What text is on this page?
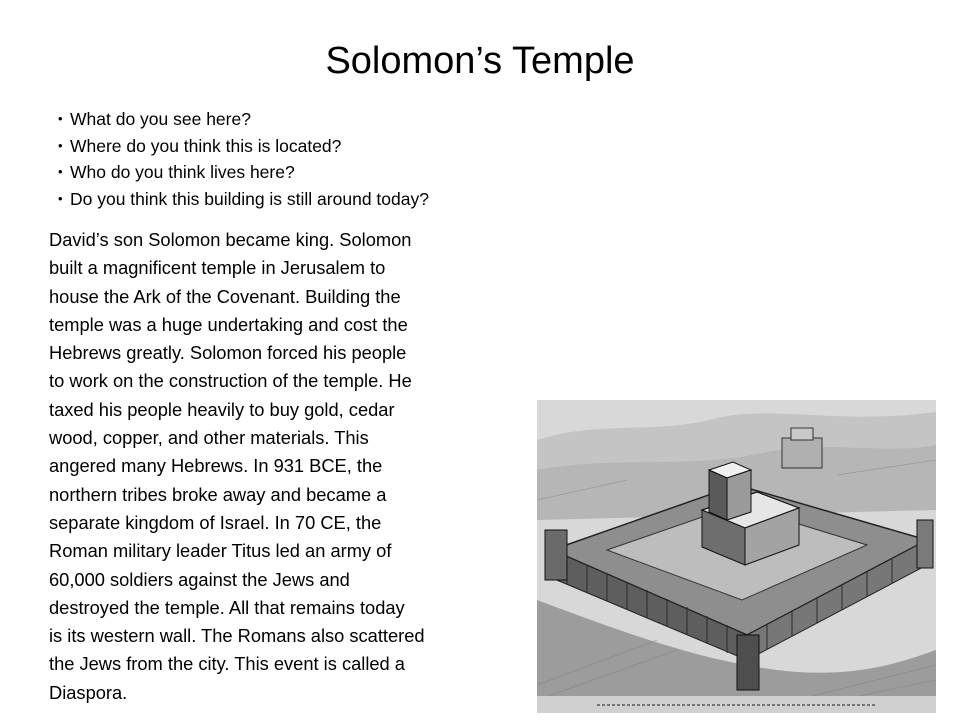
Solomon’s Temple
• What do you see here?
• Where do you think this is located?
• Who do you think lives here?
• Do you think this building is still around today?
David’s son Solomon became king. Solomon
built a magnificent temple in Jerusalem to
house the Ark of the Covenant. Building the
temple was a huge undertaking and cost the
Hebrews greatly. Solomon forced his people
to work on the construction of the temple. He
taxed his people heavily to buy gold, cedar
wood, copper, and other materials. This
angered many Hebrews. In 931 BCE, the
northern tribes broke away and became a
separate kingdom of Israel. In 70 CE, the
Roman military leader Titus led an army of
60,000 soldiers against the Jews and
destroyed the temple. All that remains today
is its western wall. The Romans also scattered
the Jews from the city. This event is called a
Diaspora.
